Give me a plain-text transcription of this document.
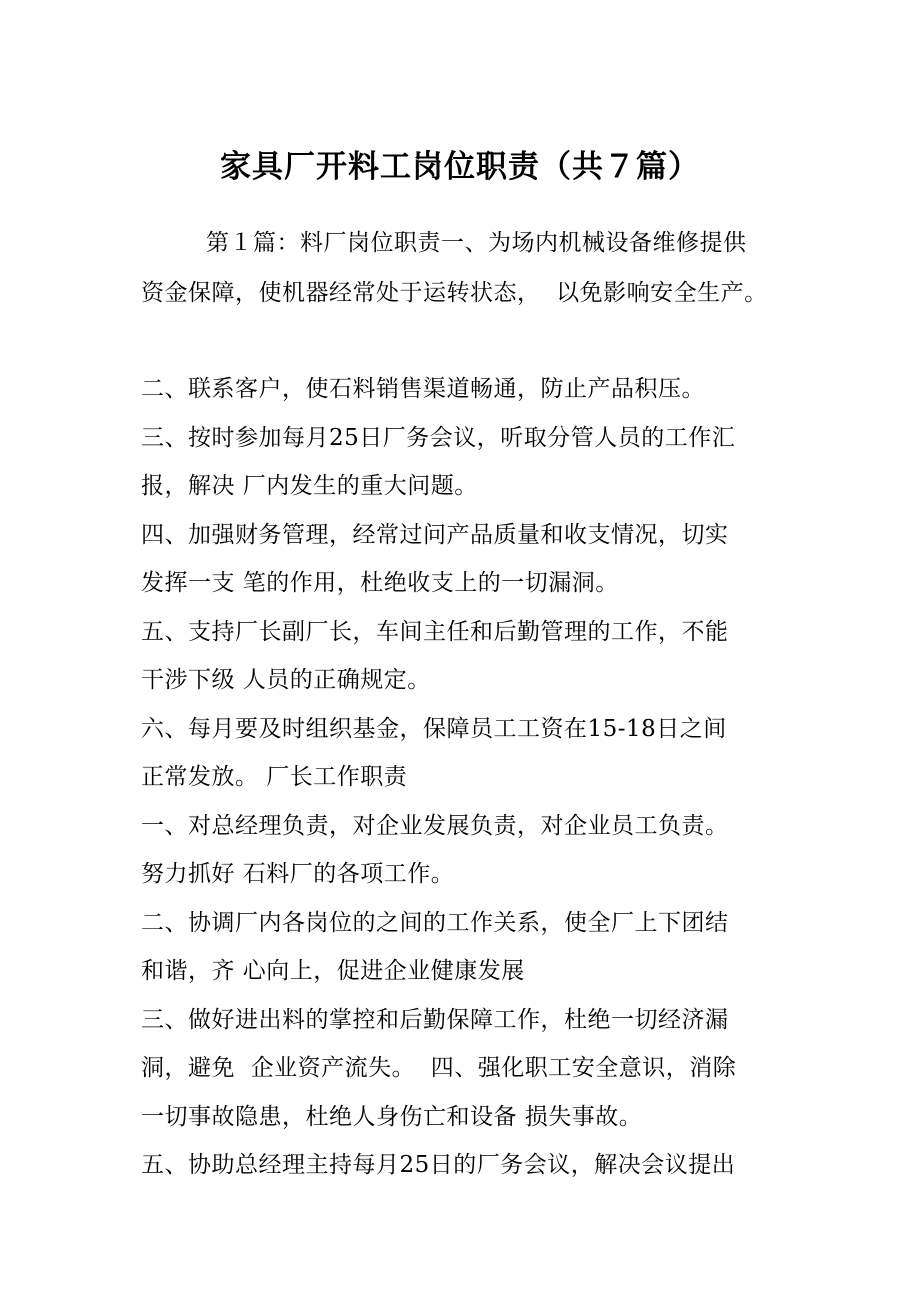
家具厂开料工岗位职责（共７篇）
第１篇：料厂岗位职责一、为场内机械设备维修提供
资金保障，使机器经常处于运转状态，  以免影响安全生产。
二、联系客户，使石料销售渠道畅通，防止产品积压。
三、按时参加每月25日厂务会议，听取分管人员的工作汇
报，解决 厂内发生的重大问题。
四、加强财务管理，经常过问产品质量和收支情况，切实
发挥一支 笔的作用，杜绝收支上的一切漏洞。
五、支持厂长副厂长，车间主任和后勤管理的工作，不能
干涉下级 人员的正确规定。
六、每月要及时组织基金，保障员工工资在15-18日之间
正常发放。 厂长工作职责
一、对总经理负责，对企业发展负责，对企业员工负责。
努力抓好 石料厂的各项工作。
二、协调厂内各岗位的之间的工作关系，使全厂上下团结
和谐，齐 心向上，促进企业健康发展
三、做好进出料的掌控和后勤保障工作，杜绝一切经济漏
洞，避免  企业资产流失。  四、强化职工安全意识，消除
一切事故隐患，杜绝人身伤亡和设备 损失事故。
五、协助总经理主持每月25日的厂务会议，解决会议提出
